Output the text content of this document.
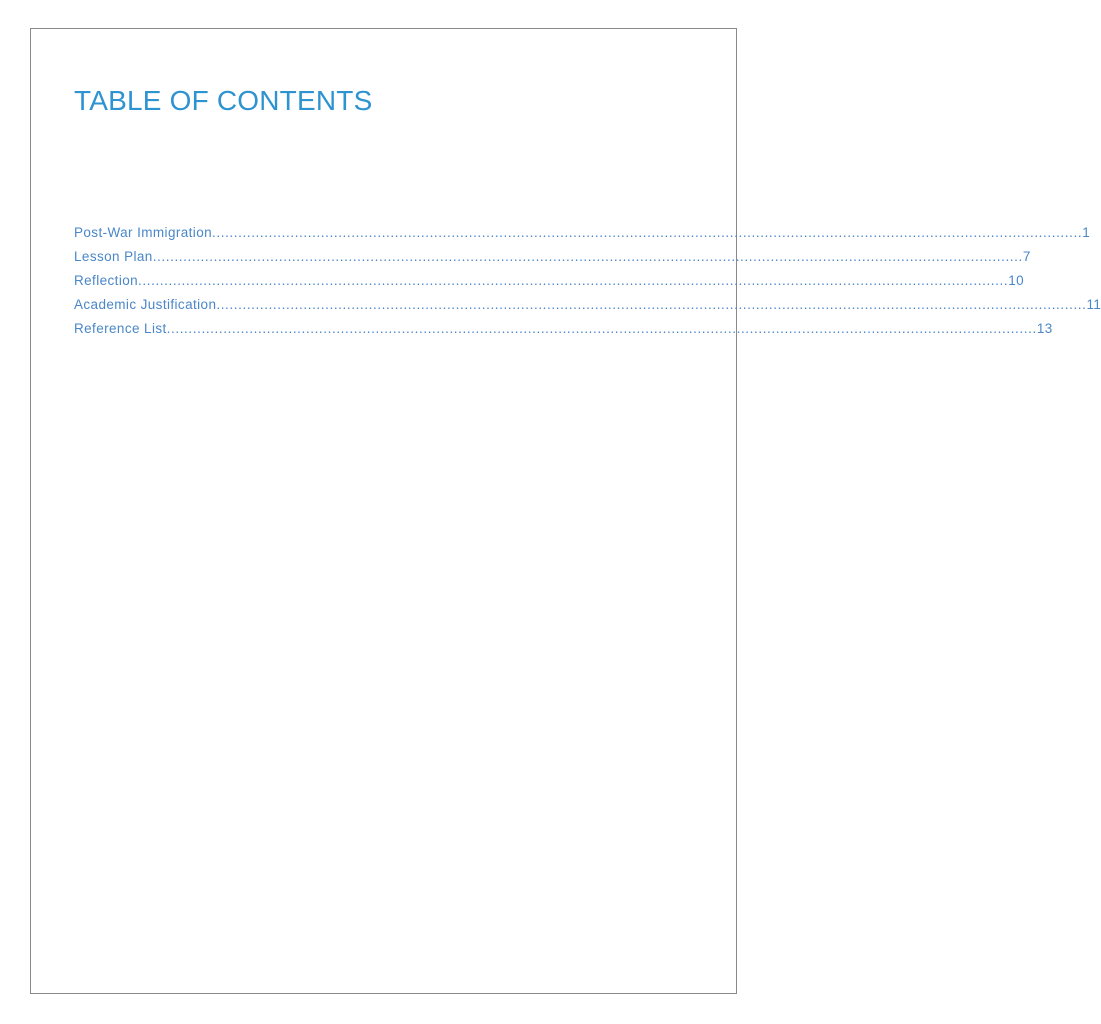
TABLE OF CONTENTS
Post-War Immigration ........................................................................................................................................................................................................ 1
Lesson Plan ........................................................................................................................................................................................................ 7
Reflection ........................................................................................................................................................................................................ 10
Academic Justification ........................................................................................................................................................................................................ 11
Reference List ........................................................................................................................................................................................................ 13
